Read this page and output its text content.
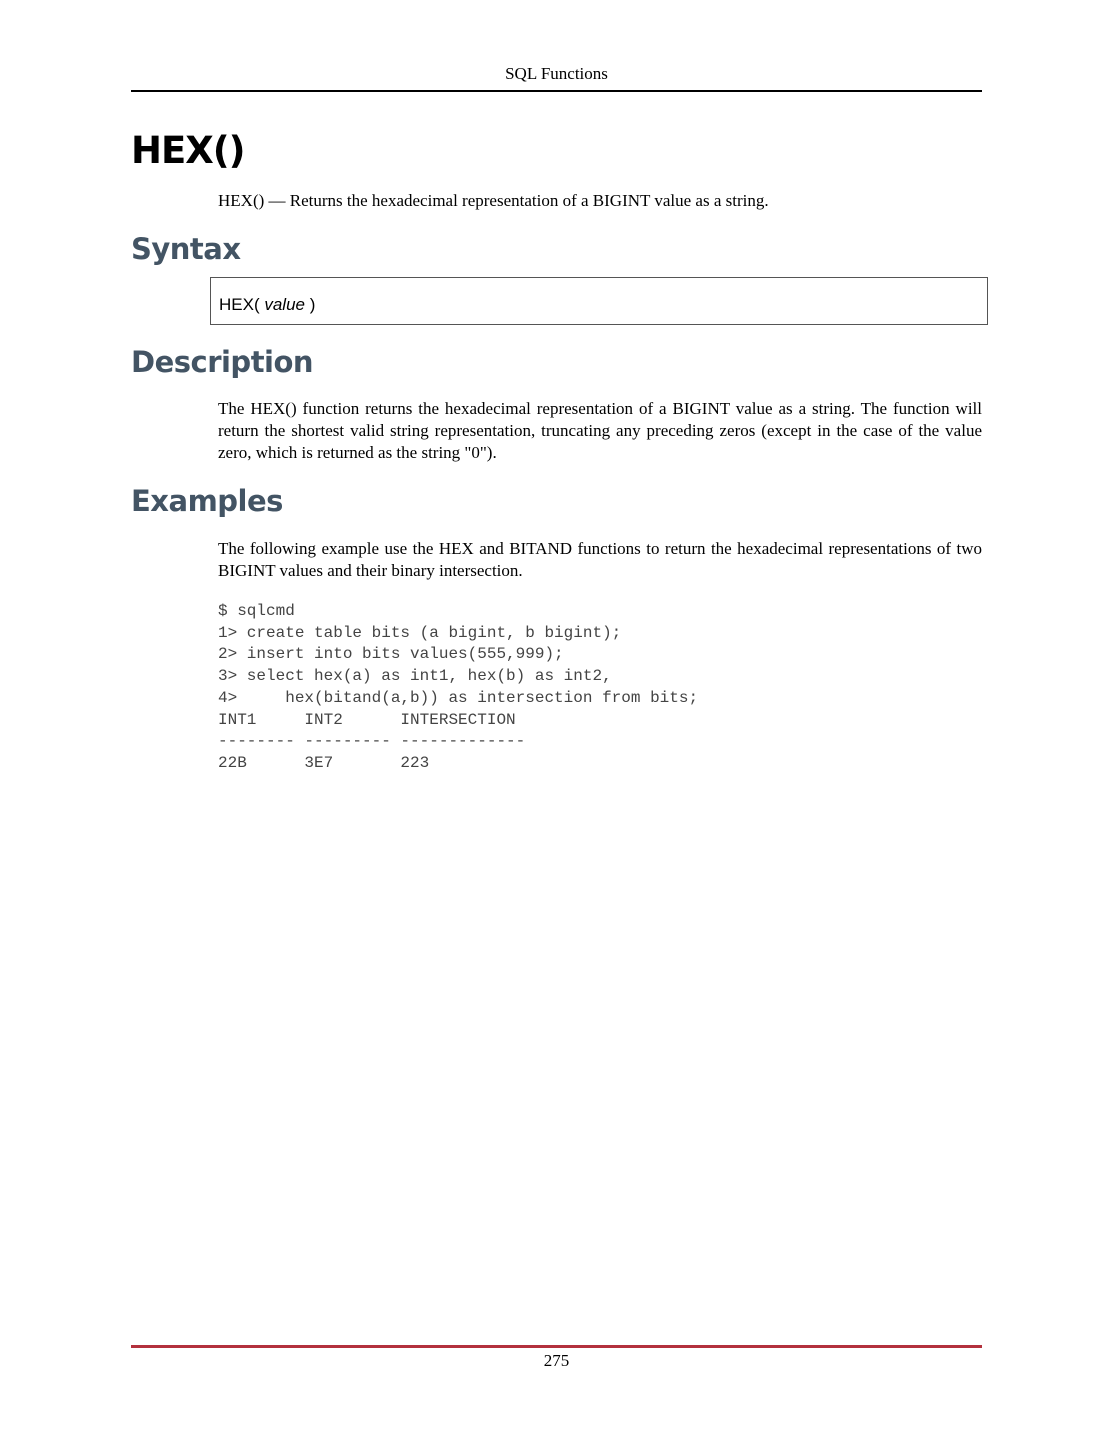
SQL Functions
HEX()
HEX() — Returns the hexadecimal representation of a BIGINT value as a string.
Syntax
HEX( value )
Description

The HEX() function returns the hexadecimal representation of a BIGINT value as a string. The function will return the shortest valid string representation, truncating any preceding zeros (except in the case of the value zero, which is returned as the string "0").

Examples

The following example use the HEX and BITAND functions to return the hexadecimal representations of two BIGINT values and their binary intersection.

$ sqlcmd
1> create table bits (a bigint, b bigint);
2> insert into bits values(555,999);
3> select hex(a) as int1, hex(b) as int2,
4>     hex(bitand(a,b)) as intersection from bits;
INT1     INT2      INTERSECTION
-------- --------- -------------
22B      3E7       223
275
